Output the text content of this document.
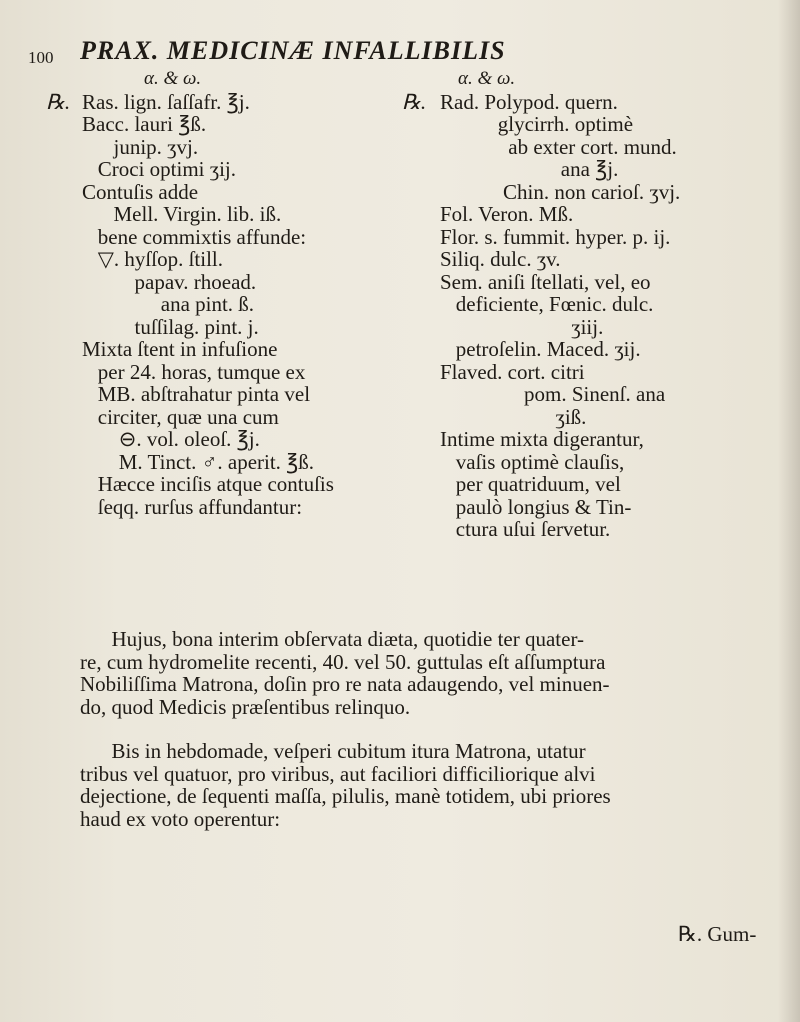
100 PRAX. MEDICINÆ INFALLIBILIS
α. & ω.
℞. Ras. lign. ſaſſafr. ℥j.
Bacc. lauri ℥ß.
junip. ʒvj.
Croci optimi ʒij.
Contuſis adde
Mell. Virgin. lib. iß.
bene commixtis affunde:
▽. hyſſop. ſtill.
papav. rhoead.
ana pint. ß.
tuſſilag. pint. j.
Mixta ſtent in infuſione
per 24. horas, tumque ex
MB. abſtrahatur pinta vel
circiter, quæ una cum
⊖. vol. oleoſ. ℥j.
M. Tinct. ♂. aperit. ℥ß.
Hæcce inciſis atque contuſis
ſeqq. rurſus affundantur:
α. & ω.
℞. Rad. Polypod. quern.
glycirrh. optimè
ab exter cort. mund.
ana ℥j.
Chin. non carioſ. ʒvj.
Fol. Veron. Mß.
Flor. s. fummit. hyper. p. ij.
Siliq. dulc. ʒv.
Sem. aniſi ſtellati, vel, eo
deficiente, Fœnic. dulc.
ʒiij.
petroſelin. Maced. ʒij.
Flaved. cort. citri
pom. Sinenſ. ana
ʒiß.
Intime mixta digerantur,
vaſis optimè clauſis,
per quatriduum, vel
paulò longius & Tin-
ctura uſui ſervetur.
Hujus, bona interim obſervata diæta, quotidie ter quater-
re, cum hydromelite recenti, 40. vel 50. guttulas eſt aſſumptura
Nobiliſſima Matrona, doſin pro re nata adaugendo, vel minuen-
do, quod Medicis præſentibus relinquo.
Bis in hebdomade, veſperi cubitum itura Matrona, utatur
tribus vel quatuor, pro viribus, aut faciliori difficiliorique alvi
dejectione, de ſequenti maſſa, pilulis, manè totidem, ubi priores
haud ex voto operentur:
℞. Gum-
